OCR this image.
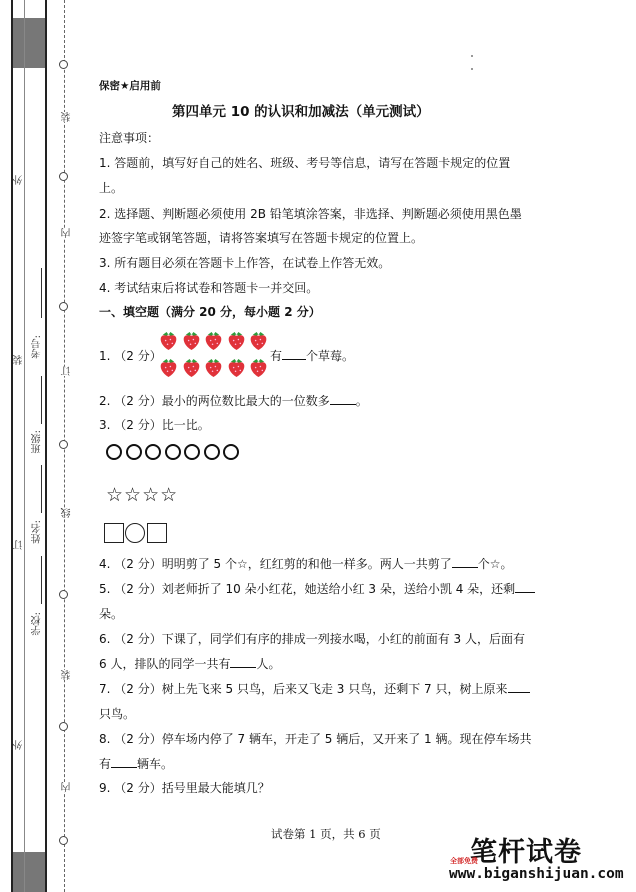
外
装
订
外
考号:
班级:
姓名:
学校:
装
内
订
线
装
内
保密★启用前
第四单元 10 的认识和加减法（单元测试）
注意事项：
1. 答题前，填写好自己的姓名、班级、考号等信息，请写在答题卡规定的位置
上。
2. 选择题、判断题必须使用 2B 铅笔填涂答案，非选择、判断题必须使用黑色墨
迹签字笔或钢笔答题，请将答案填写在答题卡规定的位置上。
3. 所有题目必须在答题卡上作答，在试卷上作答无效。
4. 考试结束后将试卷和答题卡一并交回。
一、填空题（满分 20 分，每小题 2 分）
1. （2 分）	有 个草莓。
2. （2 分）最小的两位数比最大的一位数多 。
3. （2 分）比一比。
☆☆☆☆
4. （2 分）明明剪了 5 个☆，红红剪的和他一样多。两人一共剪了 个☆。
5. （2 分）刘老师折了 10 朵小红花，她送给小红 3 朵，送给小凯 4 朵，还剩
朵。
6. （2 分）下课了，同学们有序的排成一列接水喝，小红的前面有 3 人，后面有
6 人，排队的同学一共有 人。
7. （2 分）树上先飞来 5 只鸟，后来又飞走 3 只鸟，还剩下 7 只，树上原来
只鸟。
8. （2 分）停车场内停了 7 辆车，开走了 5 辆后，又开来了 1 辆。现在停车场共
有 辆车。
9. （2 分）括号里最大能填几？
试卷第 1 页，共 6 页
笔杆试卷
全部免费
www.biganshijuan.com
